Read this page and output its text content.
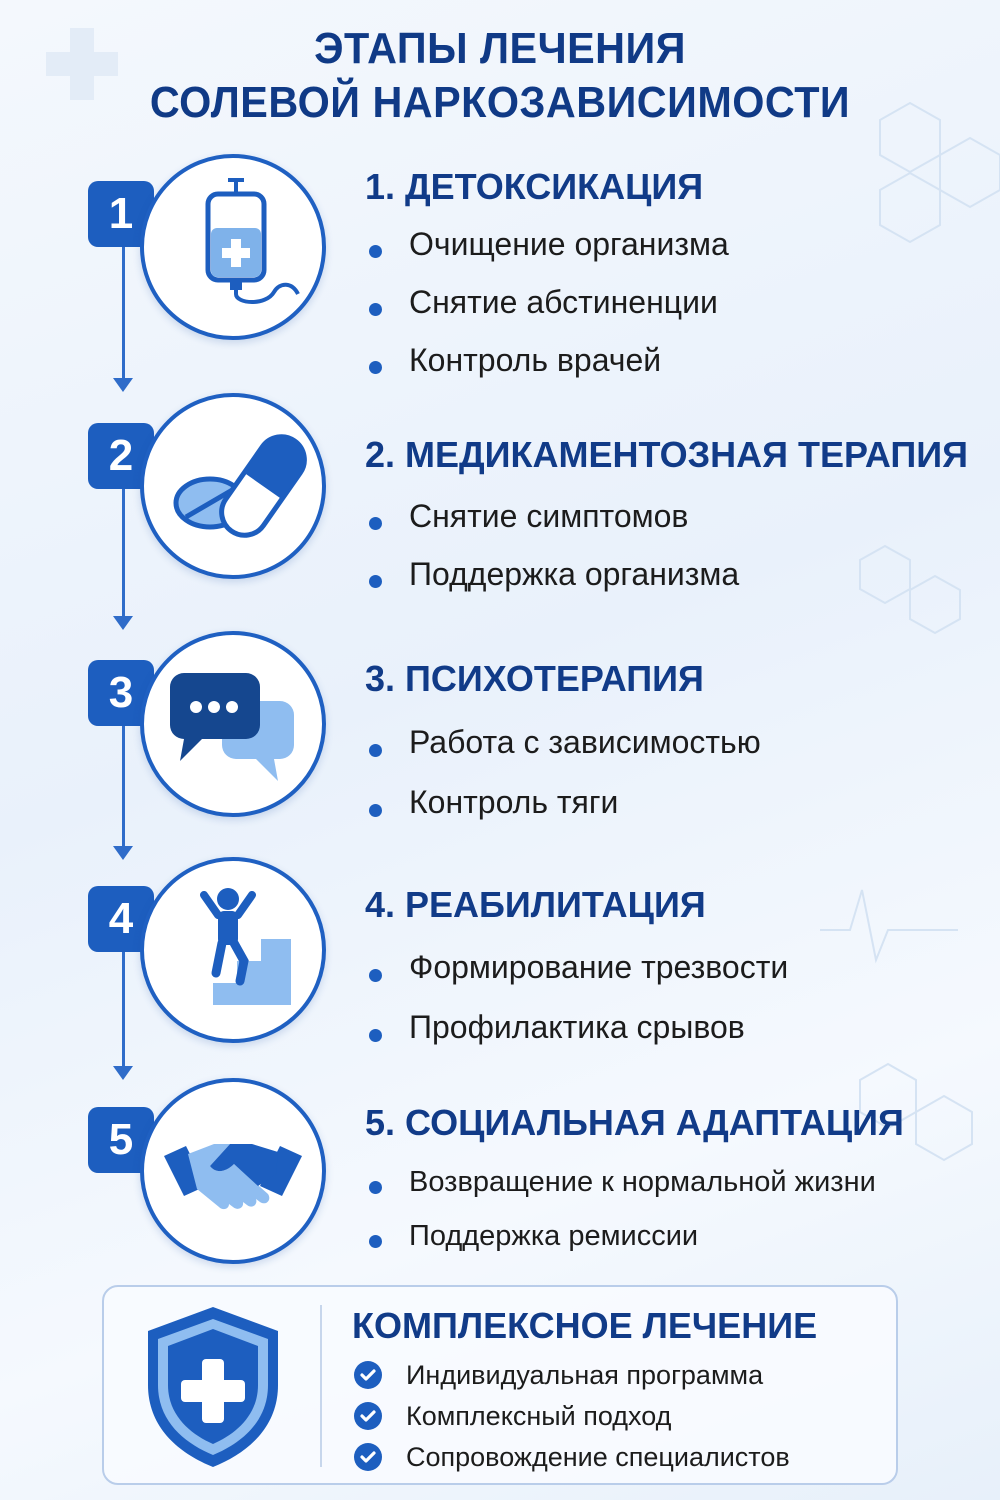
ЭТАПЫ ЛЕЧЕНИЯ
СОЛЕВОЙ НАРКОЗАВИСИМОСТИ
1
1. ДЕТОКСИКАЦИЯ
Очищение организма
Снятие абстиненции
Контроль врачей
2	2. МЕДИКАМЕНТОЗНАЯ ТЕРАПИЯ
Снятие симптомов
Поддержка организма
3	3. ПСИХОТЕРАПИЯ
Работа с зависимостью
Контроль тяги
4	4. РЕАБИЛИТАЦИЯ
Формирование трезвости
Профилактика срывов
5	5. СОЦИАЛЬНАЯ АДАПТАЦИЯ
Возвращение к нормальной жизни
Поддержка ремиссии
КОМПЛЕКСНОЕ ЛЕЧЕНИЕ
Индивидуальная программа
Комплексный подход
Сопровождение специалистов
